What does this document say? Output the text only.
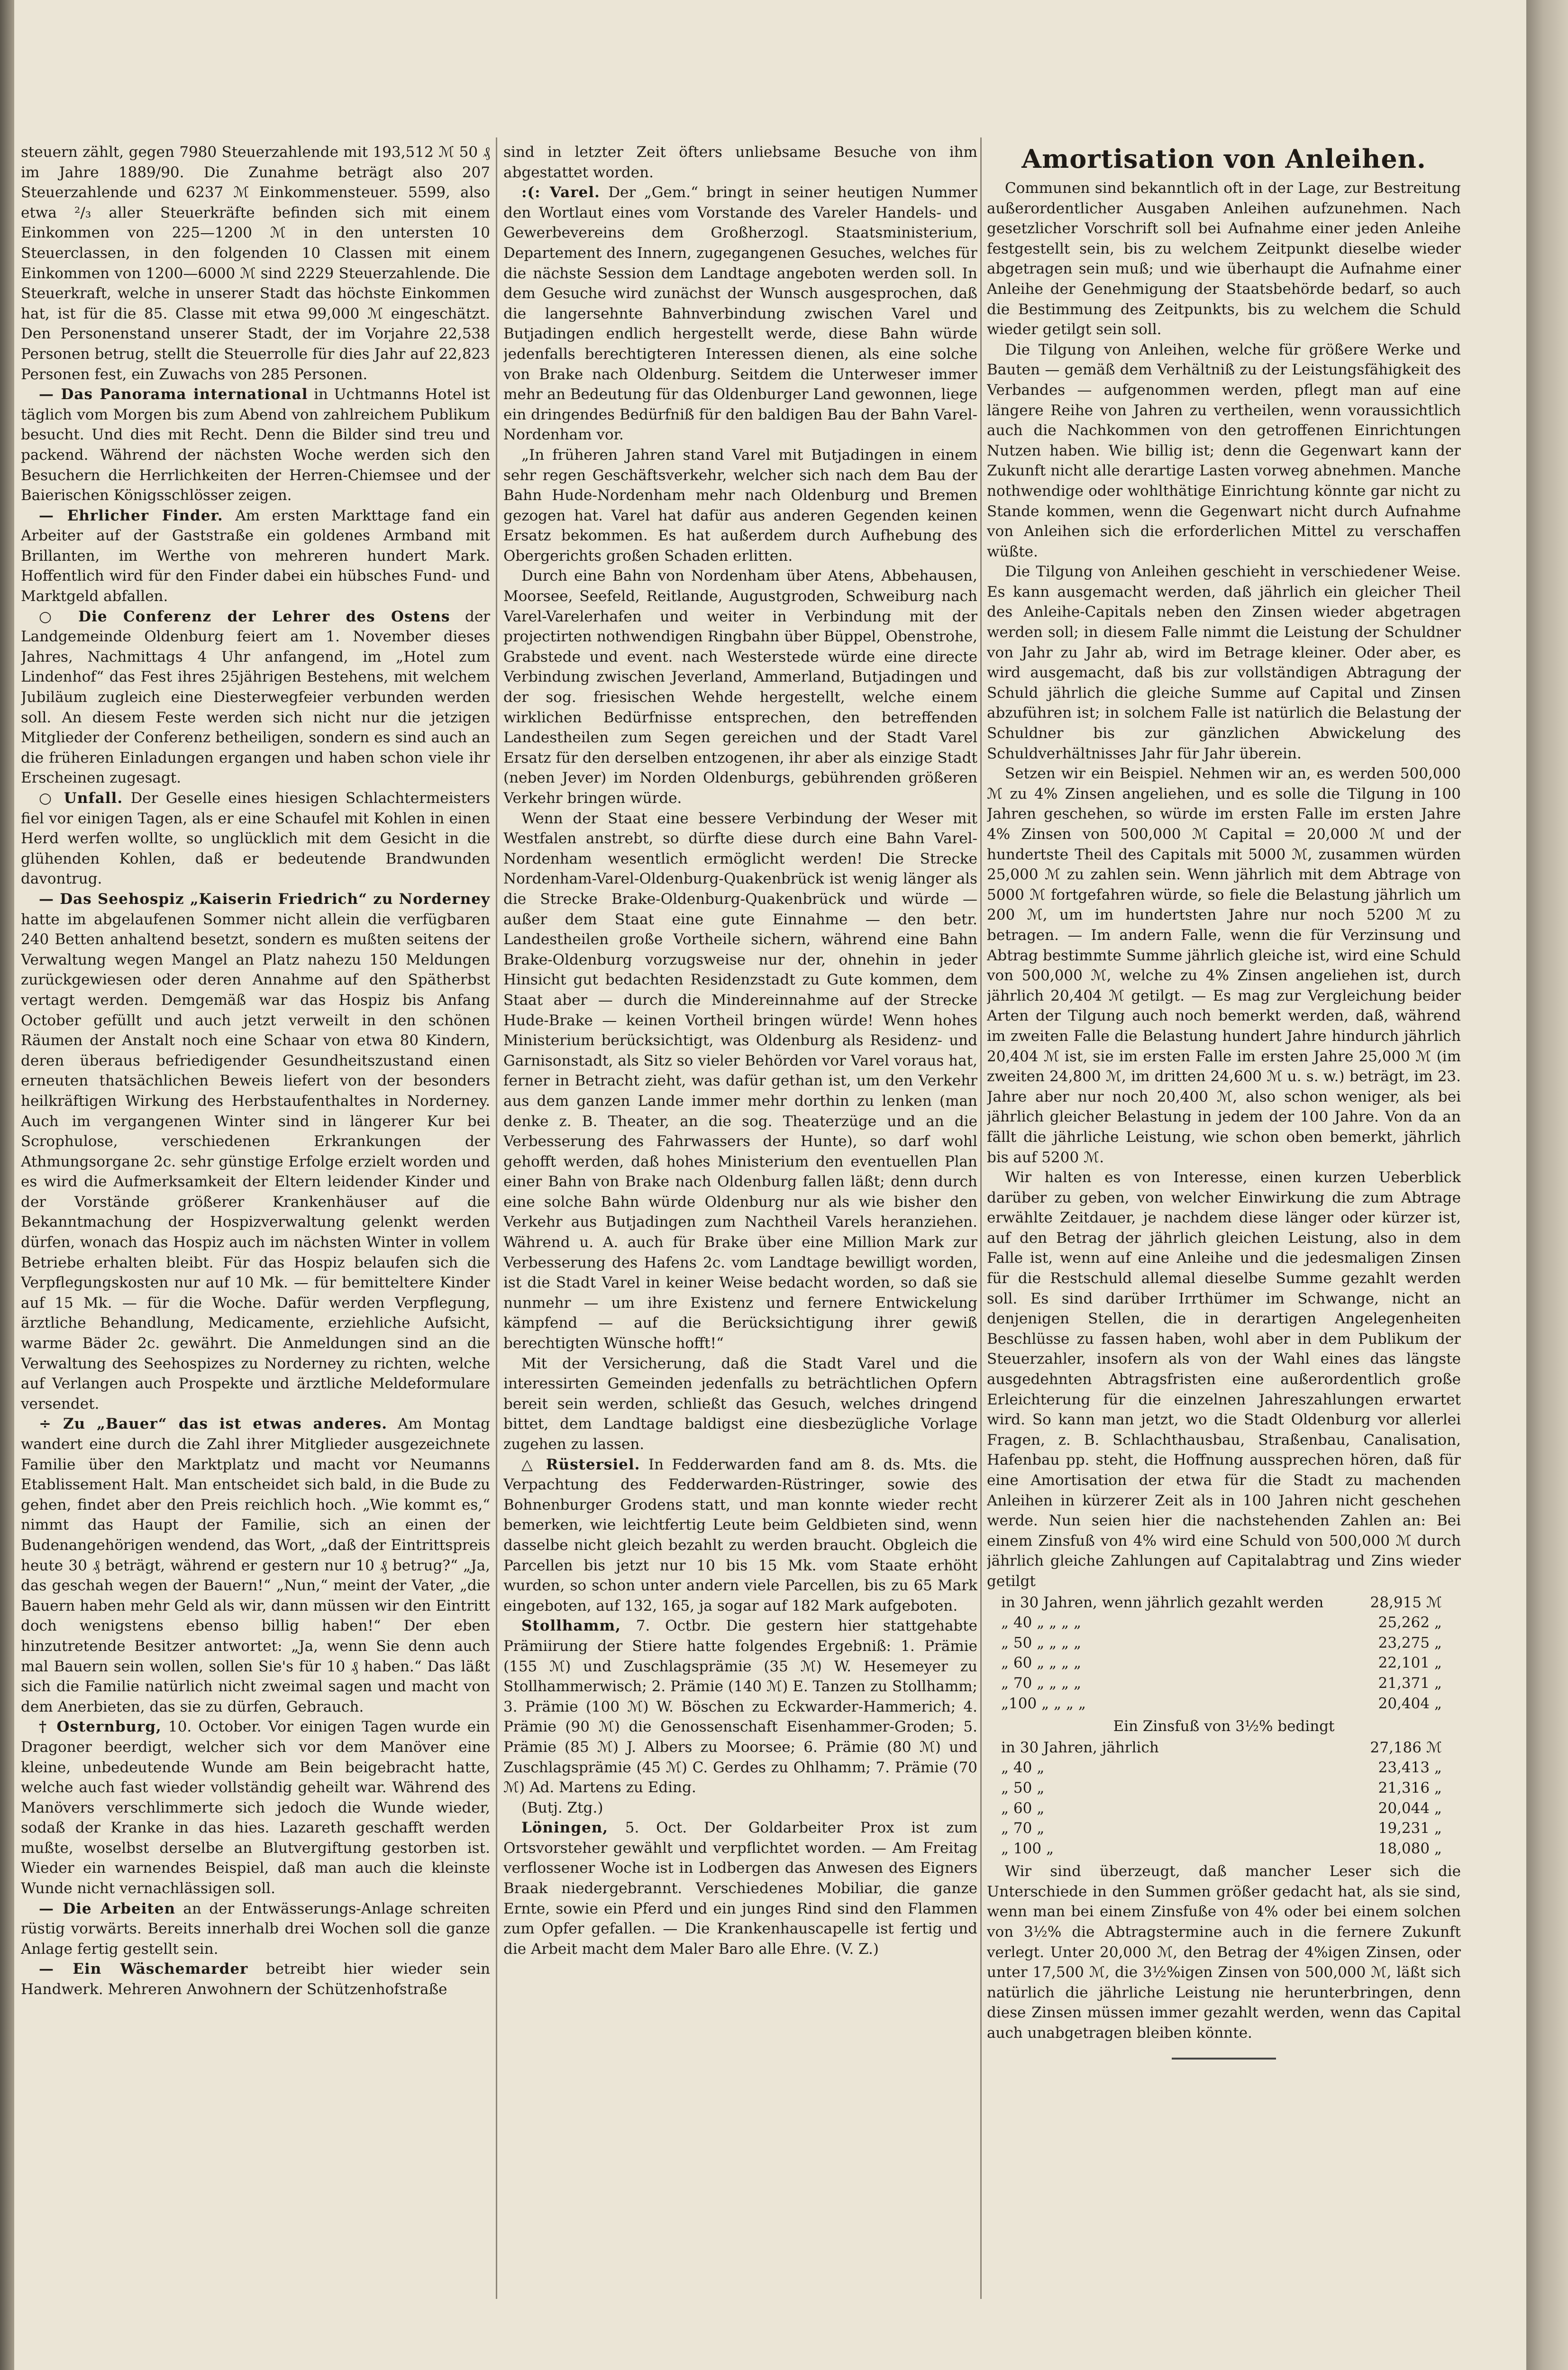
steuern zählt, gegen 7980 Steuerzahlende mit 193,512 ℳ 50 ₰ im Jahre 1889/90. Die Zunahme beträgt also 207 Steuerzahlende und 6237 ℳ Einkommensteuer. 5599, also etwa ²/₃ aller Steuerkräfte befinden sich mit einem Einkommen von 225—1200 ℳ in den untersten 10 Steuerclassen, in den folgenden 10 Classen mit einem Einkommen von 1200—6000 ℳ sind 2229 Steuerzahlende. Die Steuerkraft, welche in unserer Stadt das höchste Einkommen hat, ist für die 85. Classe mit etwa 99,000 ℳ eingeschätzt. Den Personenstand unserer Stadt, der im Vorjahre 22,538 Personen betrug, stellt die Steuerrolle für dies Jahr auf 22,823 Personen fest, ein Zuwachs von 285 Personen.

— Das Panorama international in Uchtmanns Hotel ist täglich vom Morgen bis zum Abend von zahlreichem Publikum besucht. Und dies mit Recht. Denn die Bilder sind treu und packend. Während der nächsten Woche werden sich den Besuchern die Herrlichkeiten der Herren-Chiemsee und der Baierischen Königsschlösser zeigen.

— Ehrlicher Finder. Am ersten Markttage fand ein Arbeiter auf der Gaststraße ein goldenes Armband mit Brillanten, im Werthe von mehreren hundert Mark. Hoffentlich wird für den Finder dabei ein hübsches Fund- und Marktgeld abfallen.

○ Die Conferenz der Lehrer des Ostens der Landgemeinde Oldenburg feiert am 1. November dieses Jahres, Nachmittags 4 Uhr anfangend, im „Hotel zum Lindenhof“ das Fest ihres 25jährigen Bestehens, mit welchem Jubiläum zugleich eine Diesterwegfeier verbunden werden soll. An diesem Feste werden sich nicht nur die jetzigen Mitglieder der Conferenz betheiligen, sondern es sind auch an die früheren Einladungen ergangen und haben schon viele ihr Erscheinen zugesagt.

○ Unfall. Der Geselle eines hiesigen Schlachtermeisters fiel vor einigen Tagen, als er eine Schaufel mit Kohlen in einen Herd werfen wollte, so unglücklich mit dem Gesicht in die glühenden Kohlen, daß er bedeutende Brandwunden davontrug.

— Das Seehospiz „Kaiserin Friedrich“ zu Norderney hatte im abgelaufenen Sommer nicht allein die verfügbaren 240 Betten anhaltend besetzt, sondern es mußten seitens der Verwaltung wegen Mangel an Platz nahezu 150 Meldungen zurückgewiesen oder deren Annahme auf den Spätherbst vertagt werden. Demgemäß war das Hospiz bis Anfang October gefüllt und auch jetzt verweilt in den schönen Räumen der Anstalt noch eine Schaar von etwa 80 Kindern, deren überaus befriedigender Gesundheitszustand einen erneuten thatsächlichen Beweis liefert von der besonders heilkräftigen Wirkung des Herbstaufenthaltes in Norderney. Auch im vergangenen Winter sind in längerer Kur bei Scrophulose, verschiedenen Erkrankungen der Athmungsorgane 2c. sehr günstige Erfolge erzielt worden und es wird die Aufmerksamkeit der Eltern leidender Kinder und der Vorstände größerer Krankenhäuser auf die Bekanntmachung der Hospizverwaltung gelenkt werden dürfen, wonach das Hospiz auch im nächsten Winter in vollem Betriebe erhalten bleibt. Für das Hospiz belaufen sich die Verpflegungskosten nur auf 10 Mk. — für bemitteltere Kinder auf 15 Mk. — für die Woche. Dafür werden Verpflegung, ärztliche Behandlung, Medicamente, erziehliche Aufsicht, warme Bäder 2c. gewährt. Die Anmeldungen sind an die Verwaltung des Seehospizes zu Norderney zu richten, welche auf Verlangen auch Prospekte und ärztliche Meldeformulare versendet.

÷ Zu „Bauer“ das ist etwas anderes. Am Montag wandert eine durch die Zahl ihrer Mitglieder ausgezeichnete Familie über den Marktplatz und macht vor Neumanns Etablissement Halt. Man entscheidet sich bald, in die Bude zu gehen, findet aber den Preis reichlich hoch. „Wie kommt es,“ nimmt das Haupt der Familie, sich an einen der Budenangehörigen wendend, das Wort, „daß der Eintrittspreis heute 30 ₰ beträgt, während er gestern nur 10 ₰ betrug?“ „Ja, das geschah wegen der Bauern!“ „Nun,“ meint der Vater, „die Bauern haben mehr Geld als wir, dann müssen wir den Eintritt doch wenigstens ebenso billig haben!“ Der eben hinzutretende Besitzer antwortet: „Ja, wenn Sie denn auch mal Bauern sein wollen, sollen Sie's für 10 ₰ haben.“ Das läßt sich die Familie natürlich nicht zweimal sagen und macht von dem Anerbieten, das sie zu dürfen, Gebrauch.

† Osternburg, 10. October. Vor einigen Tagen wurde ein Dragoner beerdigt, welcher sich vor dem Manöver eine kleine, unbedeutende Wunde am Bein beigebracht hatte, welche auch fast wieder vollständig geheilt war. Während des Manövers verschlimmerte sich jedoch die Wunde wieder, sodaß der Kranke in das hies. Lazareth geschafft werden mußte, woselbst derselbe an Blutvergiftung gestorben ist. Wieder ein warnendes Beispiel, daß man auch die kleinste Wunde nicht vernachlässigen soll.

— Die Arbeiten an der Entwässerungs-Anlage schreiten rüstig vorwärts. Bereits innerhalb drei Wochen soll die ganze Anlage fertig gestellt sein.

— Ein Wäschemarder betreibt hier wieder sein Handwerk. Mehreren Anwohnern der Schützenhofstraße

sind in letzter Zeit öfters unliebsame Besuche von ihm abgestattet worden.

:(: Varel. Der „Gem.“ bringt in seiner heutigen Nummer den Wortlaut eines vom Vorstande des Vareler Handels- und Gewerbevereins dem Großherzogl. Staatsministerium, Departement des Innern, zugegangenen Gesuches, welches für die nächste Session dem Landtage angeboten werden soll. In dem Gesuche wird zunächst der Wunsch ausgesprochen, daß die langersehnte Bahnverbindung zwischen Varel und Butjadingen endlich hergestellt werde, diese Bahn würde jedenfalls berechtigteren Interessen dienen, als eine solche von Brake nach Oldenburg. Seitdem die Unterweser immer mehr an Bedeutung für das Oldenburger Land gewonnen, liege ein dringendes Bedürfniß für den baldigen Bau der Bahn Varel-Nordenham vor.

„In früheren Jahren stand Varel mit Butjadingen in einem sehr regen Geschäftsverkehr, welcher sich nach dem Bau der Bahn Hude-Nordenham mehr nach Oldenburg und Bremen gezogen hat. Varel hat dafür aus anderen Gegenden keinen Ersatz bekommen. Es hat außerdem durch Aufhebung des Obergerichts großen Schaden erlitten.

Durch eine Bahn von Nordenham über Atens, Abbehausen, Moorsee, Seefeld, Reitlande, Augustgroden, Schweiburg nach Varel-Varelerhafen und weiter in Verbindung mit der projectirten nothwendigen Ringbahn über Büppel, Obenstrohe, Grabstede und event. nach Westerstede würde eine directe Verbindung zwischen Jeverland, Ammerland, Butjadingen und der sog. friesischen Wehde hergestellt, welche einem wirklichen Bedürfnisse entsprechen, den betreffenden Landestheilen zum Segen gereichen und der Stadt Varel Ersatz für den derselben entzogenen, ihr aber als einzige Stadt (neben Jever) im Norden Oldenburgs, gebührenden größeren Verkehr bringen würde.

Wenn der Staat eine bessere Verbindung der Weser mit Westfalen anstrebt, so dürfte diese durch eine Bahn Varel-Nordenham wesentlich ermöglicht werden! Die Strecke Nordenham-Varel-Oldenburg-Quakenbrück ist wenig länger als die Strecke Brake-Oldenburg-Quakenbrück und würde — außer dem Staat eine gute Einnahme — den betr. Landestheilen große Vortheile sichern, während eine Bahn Brake-Oldenburg vorzugsweise nur der, ohnehin in jeder Hinsicht gut bedachten Residenzstadt zu Gute kommen, dem Staat aber — durch die Mindereinnahme auf der Strecke Hude-Brake — keinen Vortheil bringen würde! Wenn hohes Ministerium berücksichtigt, was Oldenburg als Residenz- und Garnisonstadt, als Sitz so vieler Behörden vor Varel voraus hat, ferner in Betracht zieht, was dafür gethan ist, um den Verkehr aus dem ganzen Lande immer mehr dorthin zu lenken (man denke z. B. Theater, an die sog. Theaterzüge und an die Verbesserung des Fahrwassers der Hunte), so darf wohl gehofft werden, daß hohes Ministerium den eventuellen Plan einer Bahn von Brake nach Oldenburg fallen läßt; denn durch eine solche Bahn würde Oldenburg nur als wie bisher den Verkehr aus Butjadingen zum Nachtheil Varels heranziehen. Während u. A. auch für Brake über eine Million Mark zur Verbesserung des Hafens 2c. vom Landtage bewilligt worden, ist die Stadt Varel in keiner Weise bedacht worden, so daß sie nunmehr — um ihre Existenz und fernere Entwickelung kämpfend — auf die Berücksichtigung ihrer gewiß berechtigten Wünsche hofft!“

Mit der Versicherung, daß die Stadt Varel und die interessirten Gemeinden jedenfalls zu beträchtlichen Opfern bereit sein werden, schließt das Gesuch, welches dringend bittet, dem Landtage baldigst eine diesbezügliche Vorlage zugehen zu lassen.

△ Rüstersiel. In Fedderwarden fand am 8. ds. Mts. die Verpachtung des Fedderwarden-Rüstringer, sowie des Bohnenburger Grodens statt, und man konnte wieder recht bemerken, wie leichtfertig Leute beim Geldbieten sind, wenn dasselbe nicht gleich bezahlt zu werden braucht. Obgleich die Parcellen bis jetzt nur 10 bis 15 Mk. vom Staate erhöht wurden, so schon unter andern viele Parcellen, bis zu 65 Mark eingeboten, auf 132, 165, ja sogar auf 182 Mark aufgeboten.

Stollhamm, 7. Octbr. Die gestern hier stattgehabte Prämiirung der Stiere hatte folgendes Ergebniß: 1. Prämie (155 ℳ) und Zuschlagsprämie (35 ℳ) W. Hesemeyer zu Stollhammerwisch; 2. Prämie (140 ℳ) E. Tanzen zu Stollhamm; 3. Prämie (100 ℳ) W. Böschen zu Eckwarder-Hammerich; 4. Prämie (90 ℳ) die Genossenschaft Eisenhammer-Groden; 5. Prämie (85 ℳ) J. Albers zu Moorsee; 6. Prämie (80 ℳ) und Zuschlagsprämie (45 ℳ) C. Gerdes zu Ohlhamm; 7. Prämie (70 ℳ) Ad. Martens zu Eding.

(Butj. Ztg.)

Löningen, 5. Oct. Der Goldarbeiter Prox ist zum Ortsvorsteher gewählt und verpflichtet worden. — Am Freitag verflossener Woche ist in Lodbergen das Anwesen des Eigners Braak niedergebrannt. Verschiedenes Mobiliar, die ganze Ernte, sowie ein Pferd und ein junges Rind sind den Flammen zum Opfer gefallen. — Die Krankenhauscapelle ist fertig und die Arbeit macht dem Maler Baro alle Ehre. (V. Z.)

Amortisation von Anleihen.

Communen sind bekanntlich oft in der Lage, zur Bestreitung außerordentlicher Ausgaben Anleihen aufzunehmen. Nach gesetzlicher Vorschrift soll bei Aufnahme einer jeden Anleihe festgestellt sein, bis zu welchem Zeitpunkt dieselbe wieder abgetragen sein muß; und wie überhaupt die Aufnahme einer Anleihe der Genehmigung der Staatsbehörde bedarf, so auch die Bestimmung des Zeitpunkts, bis zu welchem die Schuld wieder getilgt sein soll.

Die Tilgung von Anleihen, welche für größere Werke und Bauten — gemäß dem Verhältniß zu der Leistungsfähigkeit des Verbandes — aufgenommen werden, pflegt man auf eine längere Reihe von Jahren zu vertheilen, wenn voraussichtlich auch die Nachkommen von den getroffenen Einrichtungen Nutzen haben. Wie billig ist; denn die Gegenwart kann der Zukunft nicht alle derartige Lasten vorweg abnehmen. Manche nothwendige oder wohlthätige Einrichtung könnte gar nicht zu Stande kommen, wenn die Gegenwart nicht durch Aufnahme von Anleihen sich die erforderlichen Mittel zu verschaffen wüßte.

Die Tilgung von Anleihen geschieht in verschiedener Weise. Es kann ausgemacht werden, daß jährlich ein gleicher Theil des Anleihe-Capitals neben den Zinsen wieder abgetragen werden soll; in diesem Falle nimmt die Leistung der Schuldner von Jahr zu Jahr ab, wird im Betrage kleiner. Oder aber, es wird ausgemacht, daß bis zur vollständigen Abtragung der Schuld jährlich die gleiche Summe auf Capital und Zinsen abzuführen ist; in solchem Falle ist natürlich die Belastung der Schuldner bis zur gänzlichen Abwickelung des Schuldverhältnisses Jahr für Jahr überein.

Setzen wir ein Beispiel. Nehmen wir an, es werden 500,000 ℳ zu 4% Zinsen angeliehen, und es solle die Tilgung in 100 Jahren geschehen, so würde im ersten Falle im ersten Jahre 4% Zinsen von 500,000 ℳ Capital = 20,000 ℳ und der hundertste Theil des Capitals mit 5000 ℳ, zusammen würden 25,000 ℳ zu zahlen sein. Wenn jährlich mit dem Abtrage von 5000 ℳ fortgefahren würde, so fiele die Belastung jährlich um 200 ℳ, um im hundertsten Jahre nur noch 5200 ℳ zu betragen. — Im andern Falle, wenn die für Verzinsung und Abtrag bestimmte Summe jährlich gleiche ist, wird eine Schuld von 500,000 ℳ, welche zu 4% Zinsen angeliehen ist, durch jährlich 20,404 ℳ getilgt. — Es mag zur Vergleichung beider Arten der Tilgung auch noch bemerkt werden, daß, während im zweiten Falle die Belastung hundert Jahre hindurch jährlich 20,404 ℳ ist, sie im ersten Falle im ersten Jahre 25,000 ℳ (im zweiten 24,800 ℳ, im dritten 24,600 ℳ u. s. w.) beträgt, im 23. Jahre aber nur noch 20,400 ℳ, also schon weniger, als bei jährlich gleicher Belastung in jedem der 100 Jahre. Von da an fällt die jährliche Leistung, wie schon oben bemerkt, jährlich bis auf 5200 ℳ.

Wir halten es von Interesse, einen kurzen Ueberblick darüber zu geben, von welcher Einwirkung die zum Abtrage erwählte Zeitdauer, je nachdem diese länger oder kürzer ist, auf den Betrag der jährlich gleichen Leistung, also in dem Falle ist, wenn auf eine Anleihe und die jedesmaligen Zinsen für die Restschuld allemal dieselbe Summe gezahlt werden soll. Es sind darüber Irrthümer im Schwange, nicht an denjenigen Stellen, die in derartigen Angelegenheiten Beschlüsse zu fassen haben, wohl aber in dem Publikum der Steuerzahler, insofern als von der Wahl eines das längste ausgedehnten Abtragsfristen eine außerordentlich große Erleichterung für die einzelnen Jahreszahlungen erwartet wird. So kann man jetzt, wo die Stadt Oldenburg vor allerlei Fragen, z. B. Schlachthausbau, Straßenbau, Canalisation, Hafenbau pp. steht, die Hoffnung aussprechen hören, daß für eine Amortisation der etwa für die Stadt zu machenden Anleihen in kürzerer Zeit als in 100 Jahren nicht geschehen werde. Nun seien hier die nachstehenden Zahlen an: Bei einem Zinsfuß von 4% wird eine Schuld von 500,000 ℳ durch jährlich gleiche Zahlungen auf Capitalabtrag und Zins wieder getilgt

in 30 Jahren, wenn jährlich gezahlt werden	28,915 ℳ
„ 40 „ „ „ „	25,262 „
„ 50 „ „ „ „	23,275 „
„ 60 „ „ „ „	22,101 „
„ 70 „ „ „ „	21,371 „
„100 „ „ „ „	20,404 „

Ein Zinsfuß von 3½% bedingt

in 30 Jahren, jährlich	27,186 ℳ
„ 40 „	23,413 „
„ 50 „	21,316 „
„ 60 „	20,044 „
„ 70 „	19,231 „
„ 100 „	18,080 „

Wir sind überzeugt, daß mancher Leser sich die Unterschiede in den Summen größer gedacht hat, als sie sind, wenn man bei einem Zinsfuße von 4% oder bei einem solchen von 3½% die Abtragstermine auch in die fernere Zukunft verlegt. Unter 20,000 ℳ, den Betrag der 4%igen Zinsen, oder unter 17,500 ℳ, die 3½%igen Zinsen von 500,000 ℳ, läßt sich natürlich die jährliche Leistung nie herunterbringen, denn diese Zinsen müssen immer gezahlt werden, wenn das Capital auch unabgetragen bleiben könnte.
